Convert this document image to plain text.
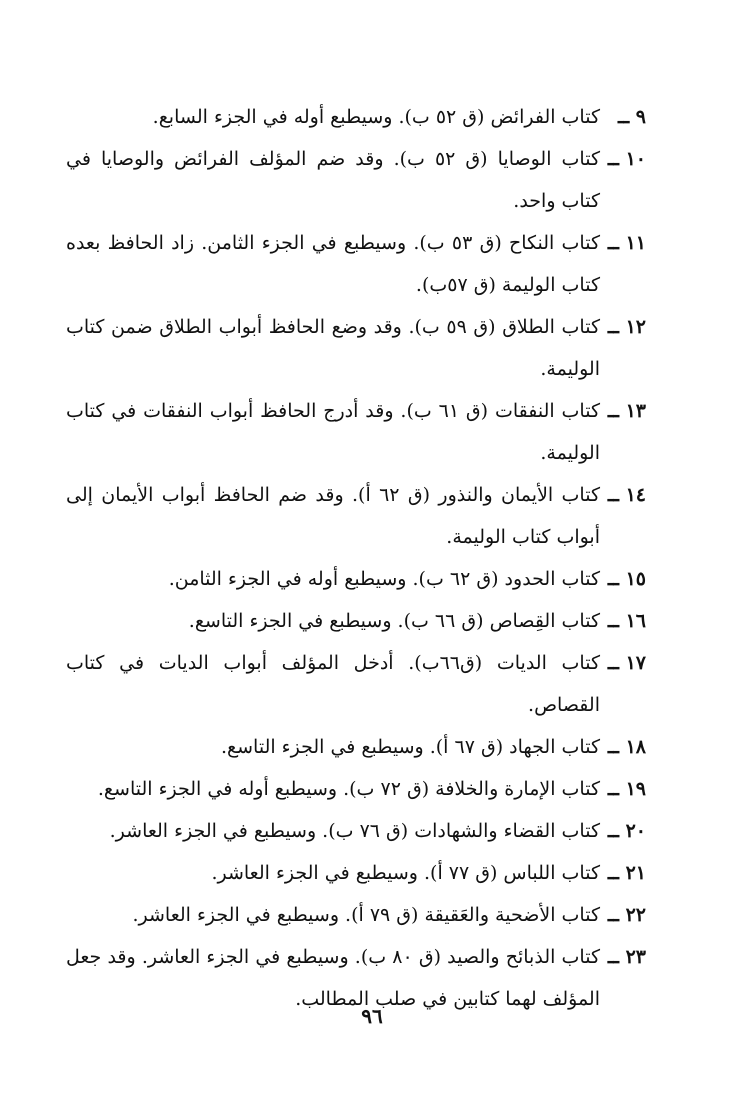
٩ ــ
كتاب الفرائض (ق ٥٢ ب). وسيطبع أوله في الجزء السابع.
١٠ ــ
كتاب الوصايا (ق ٥٢ ب). وقد ضم المؤلف الفرائض والوصايا في كتاب واحد.
١١ ــ
كتاب النكاح (ق ٥٣ ب). وسيطبع في الجزء الثامن. زاد الحافظ بعده كتاب الوليمة (ق ٥٧ب).
١٢ ــ
كتاب الطلاق (ق ٥٩ ب). وقد وضع الحافظ أبواب الطلاق ضمن كتاب الوليمة.
١٣ ــ
كتاب النفقات (ق ٦١ ب). وقد أدرج الحافظ أبواب النفقات في كتاب الوليمة.
١٤ ــ
كتاب الأيمان والنذور (ق ٦٢ أ). وقد ضم الحافظ أبواب الأيمان إلى أبواب كتاب الوليمة.
١٥ ــ
كتاب الحدود (ق ٦٢ ب). وسيطبع أوله في الجزء الثامن.
١٦ ــ
كتاب القِصاص (ق ٦٦ ب). وسيطبع في الجزء التاسع.
١٧ ــ
كتاب الديات (ق٦٦ب). أدخل المؤلف أبواب الديات في كتاب القصاص.
١٨ ــ
كتاب الجهاد (ق ٦٧ أ). وسيطبع في الجزء التاسع.
١٩ ــ
كتاب الإمارة والخلافة (ق ٧٢ ب). وسيطبع أوله في الجزء التاسع.
٢٠ ــ
كتاب القضاء والشهادات (ق ٧٦ ب). وسيطبع في الجزء العاشر.
٢١ ــ
كتاب اللباس (ق ٧٧ أ). وسيطبع في الجزء العاشر.
٢٢ ــ
كتاب الأضحية والعَقيقة (ق ٧٩ أ). وسيطبع في الجزء العاشر.
٢٣ ــ
كتاب الذبائح والصيد (ق ٨٠ ب). وسيطبع في الجزء العاشر. وقد جعل المؤلف لهما كتابين في صلب المطالب.
٩٦
